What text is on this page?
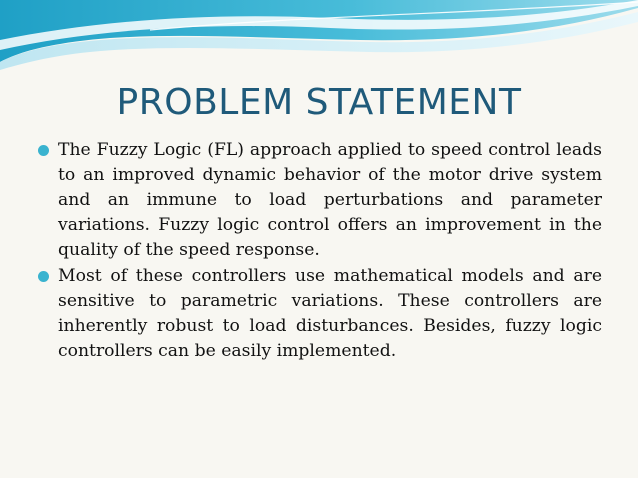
PROBLEM STATEMENT
The Fuzzy Logic (FL) approach applied to speed control leads to an improved dynamic behavior of the motor drive system and an immune to load perturbations and parameter variations. Fuzzy logic control offers an improvement in the quality of the speed response.
Most of these controllers use mathematical models and are sensitive to parametric variations. These controllers are inherently robust to load disturbances. Besides, fuzzy logic controllers can be easily implemented.
